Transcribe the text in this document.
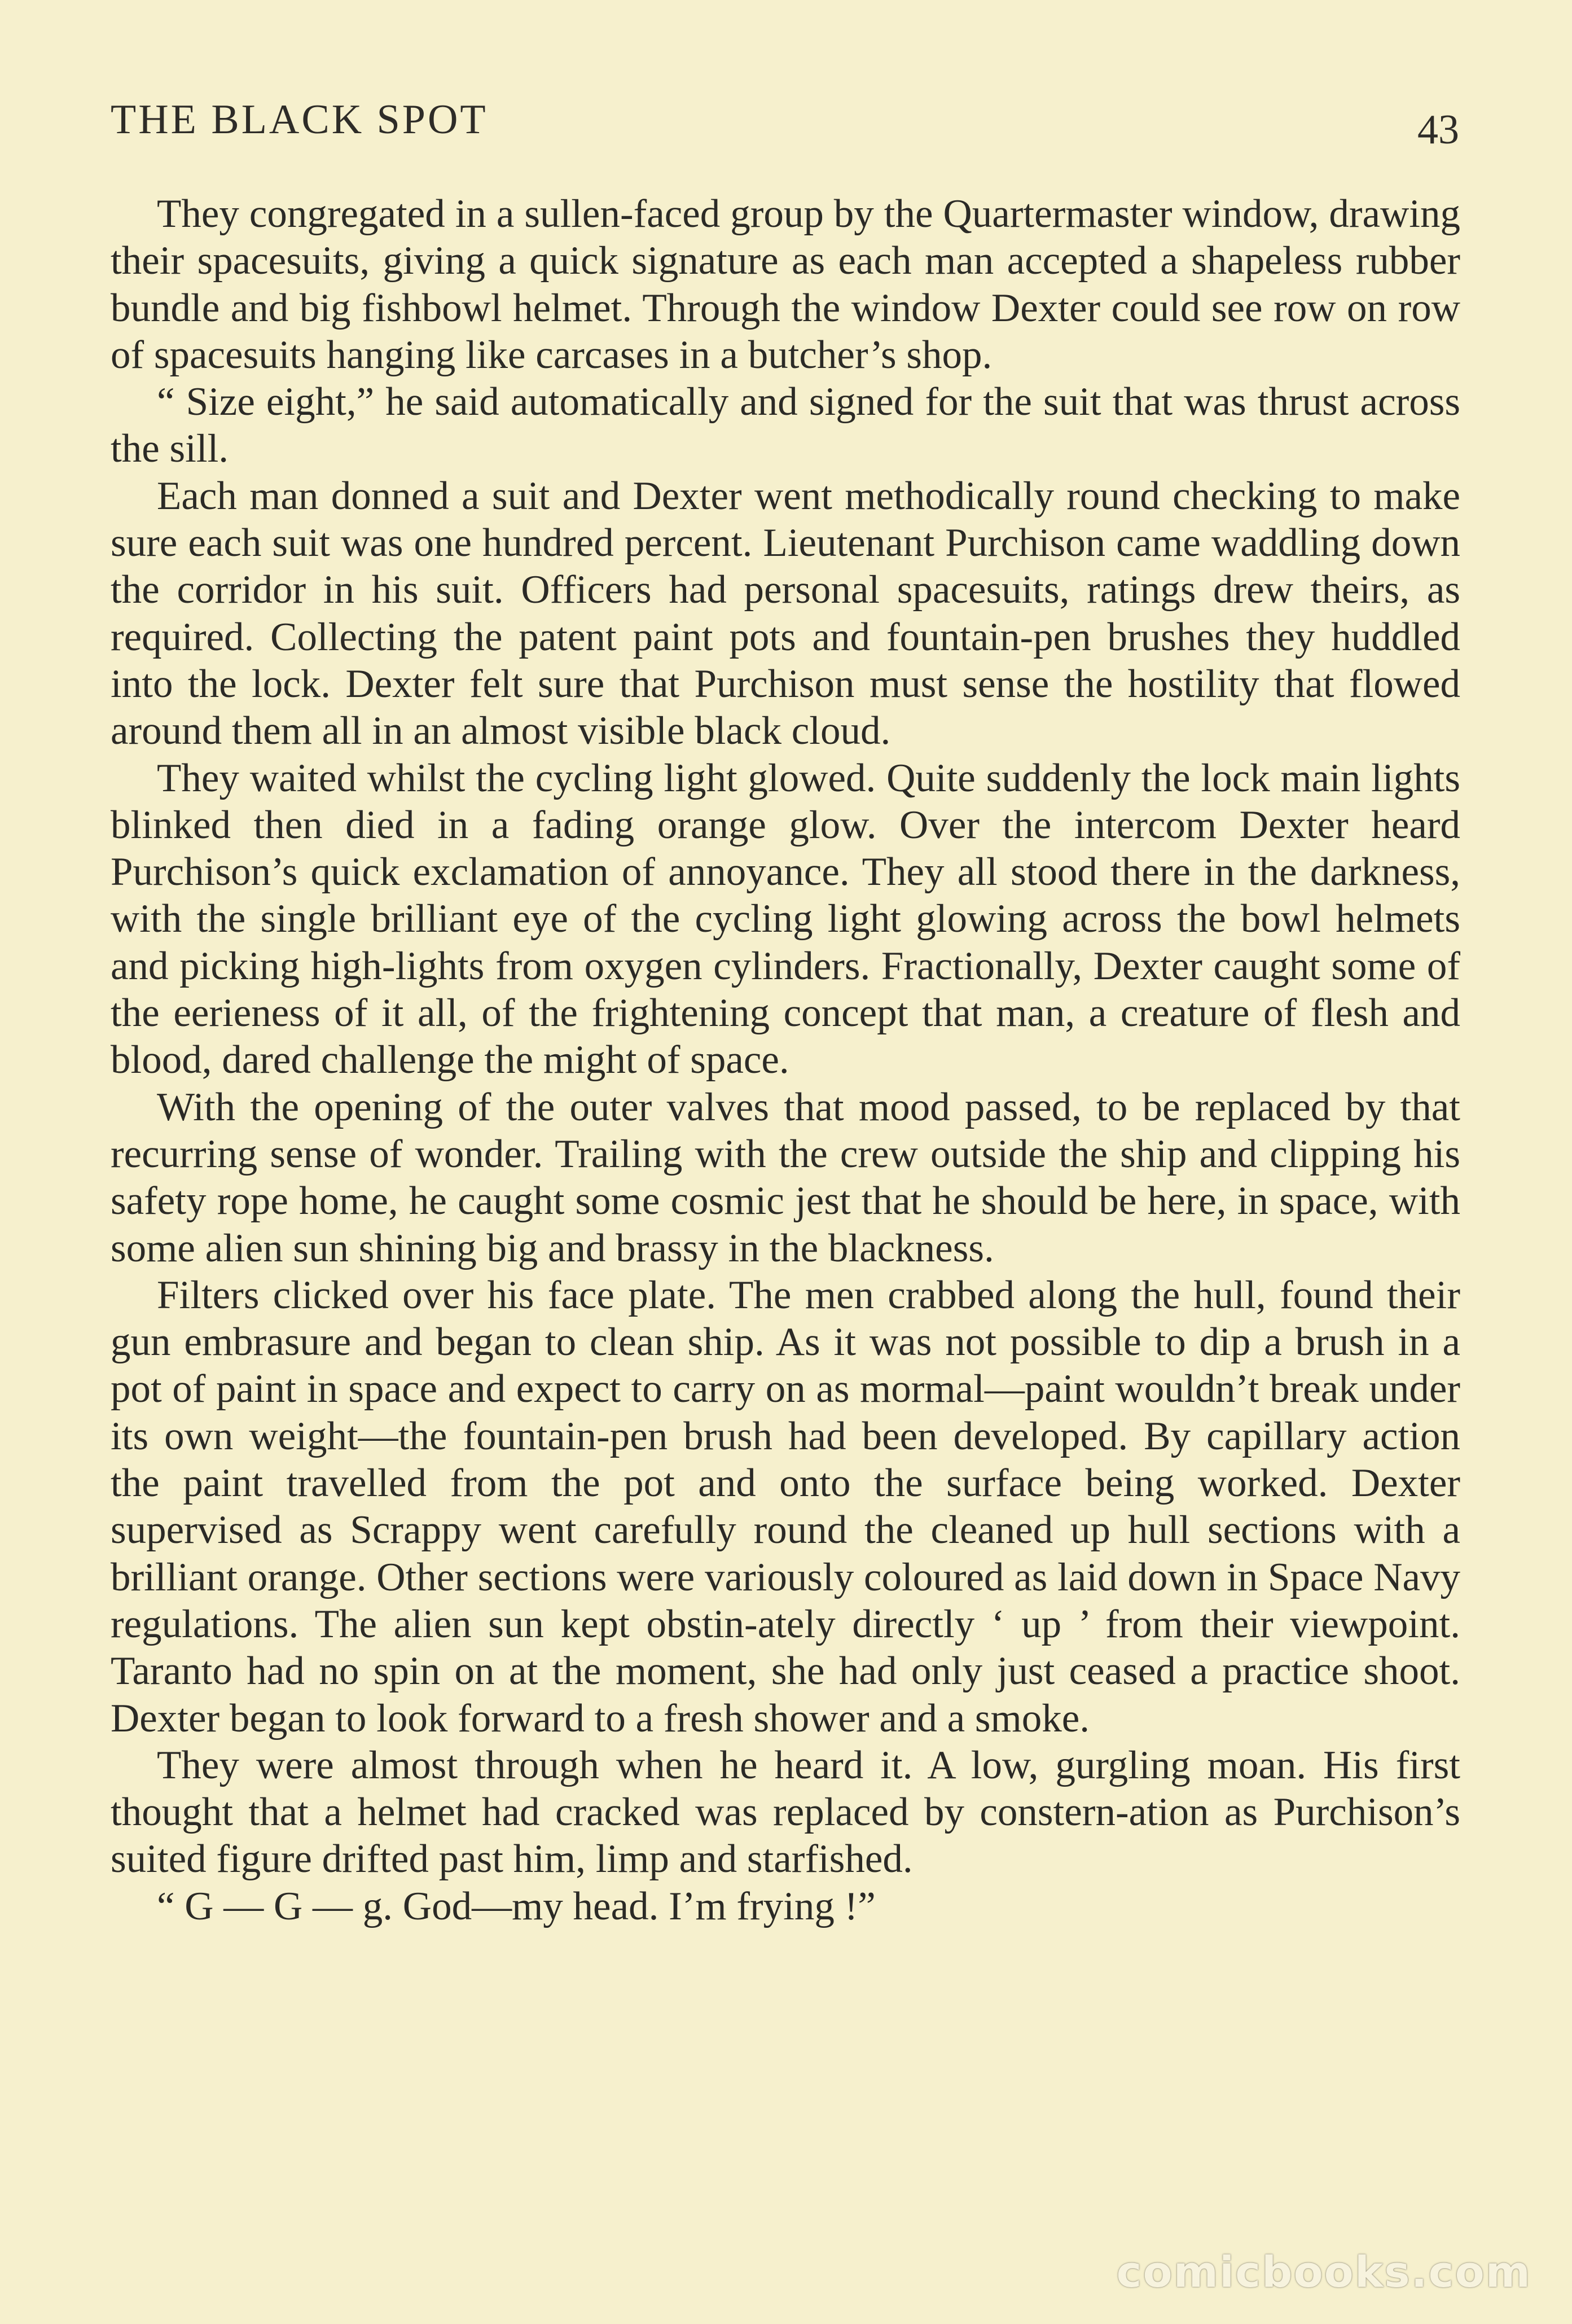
THE BLACK SPOT	43

They congregated in a sullen-faced group by the Quartermaster window, drawing their spacesuits, giving a quick signature as each man accepted a shapeless rubber bundle and big fishbowl helmet. Through the window Dexter could see row on row of spacesuits hanging like carcases in a butcher’s shop.

“ Size eight,” he said automatically and signed for the suit that was thrust across the sill.

Each man donned a suit and Dexter went methodically round checking to make sure each suit was one hundred percent. Lieutenant Purchison came waddling down the corridor in his suit. Officers had personal spacesuits, ratings drew theirs, as required. Collecting the patent paint pots and fountain-pen brushes they huddled into the lock. Dexter felt sure that Purchison must sense the hostility that flowed around them all in an almost visible black cloud.

They waited whilst the cycling light glowed. Quite suddenly the lock main lights blinked then died in a fading orange glow. Over the intercom Dexter heard Purchison’s quick exclamation of annoyance. They all stood there in the darkness, with the single brilliant eye of the cycling light glowing across the bowl helmets and picking high-lights from oxygen cylinders. Fractionally, Dexter caught some of the eerieness of it all, of the frightening concept that man, a creature of flesh and blood, dared challenge the might of space.

With the opening of the outer valves that mood passed, to be replaced by that recurring sense of wonder. Trailing with the crew outside the ship and clipping his safety rope home, he caught some cosmic jest that he should be here, in space, with some alien sun shining big and brassy in the blackness.

Filters clicked over his face plate. The men crabbed along the hull, found their gun embrasure and began to clean ship. As it was not possible to dip a brush in a pot of paint in space and expect to carry on as mormal—paint wouldn’t break under its own weight—the fountain-pen brush had been developed. By capillary action the paint travelled from the pot and onto the surface being worked. Dexter supervised as Scrappy went carefully round the cleaned up hull sections with a brilliant orange. Other sections were variously coloured as laid down in Space Navy regulations. The alien sun kept obstin-ately directly ‘ up ’ from their viewpoint. Taranto had no spin on at the moment, she had only just ceased a practice shoot. Dexter began to look forward to a fresh shower and a smoke.

They were almost through when he heard it. A low, gurgling moan. His first thought that a helmet had cracked was replaced by constern-ation as Purchison’s suited figure drifted past him, limp and starfished.

“ G — G — g. God—my head. I’m frying !”

comicbooks.com
